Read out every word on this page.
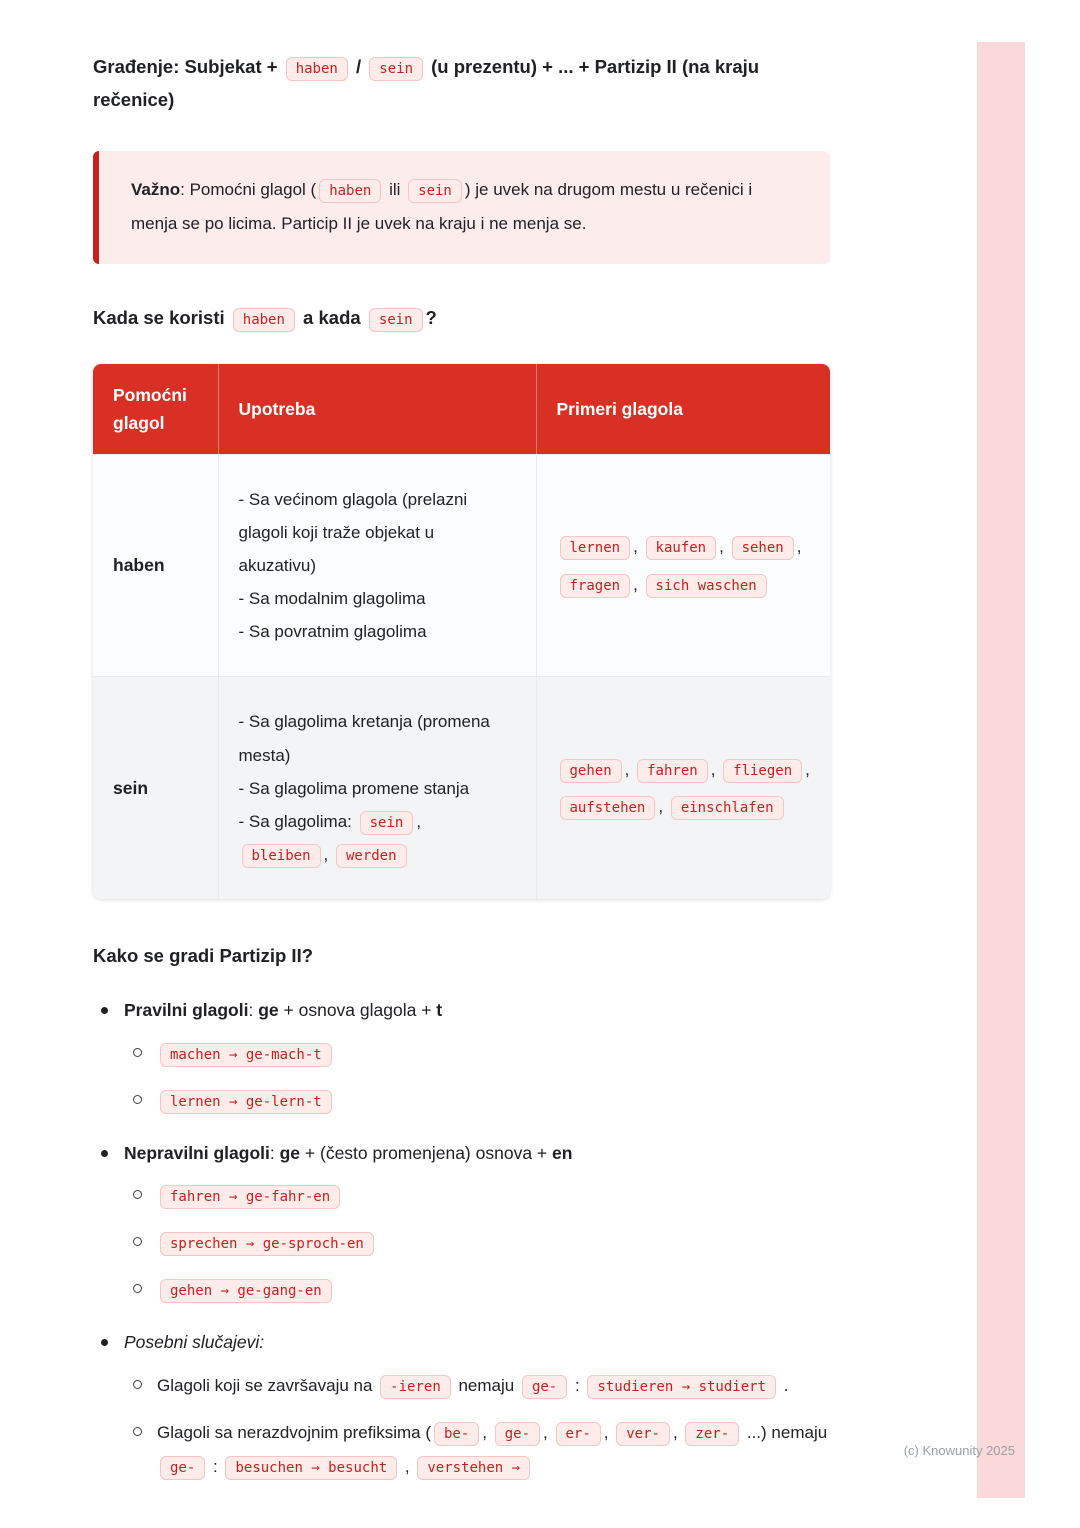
Građenje: Subjekat + haben / sein (u prezentu) + ... + Partizip II (na kraju rečenice)
Važno: Pomoćni glagol ( haben ili sein ) je uvek na drugom mestu u rečenici i menja se po licima. Particip II je uvek na kraju i ne menja se.
Kada se koristi haben a kada sein ?
Pomoćni glagol	Upotreba	Primeri glagola
haben	- Sa većinom glagola (prelazni glagoli koji traže objekat u akuzativu)
- Sa modalnim glagolima
- Sa povratnim glagolima	lernen , kaufen , sehen , fragen , sich waschen
sein	- Sa glagolima kretanja (promena mesta)
- Sa glagolima promene stanja
- Sa glagolima: sein , bleiben , werden	gehen , fahren , fliegen , aufstehen , einschlafen
Kako se gradi Partizip II?
Pravilni glagoli: ge + osnova glagola + t
machen → ge-mach-t
lernen → ge-lern-t
Nepravilni glagoli: ge + (često promenjena) osnova + en
fahren → ge-fahr-en
sprechen → ge-sproch-en
gehen → ge-gang-en
Posebni slučajevi:
Glagoli koji se završavaju na -ieren nemaju ge- : studieren → studiert .
Glagoli sa nerazdvojnim prefiksima ( be- , ge- , er- , ver- , zer- ...) nemaju ge- : besuchen → besucht , verstehen →
(c) Knowunity 2025
